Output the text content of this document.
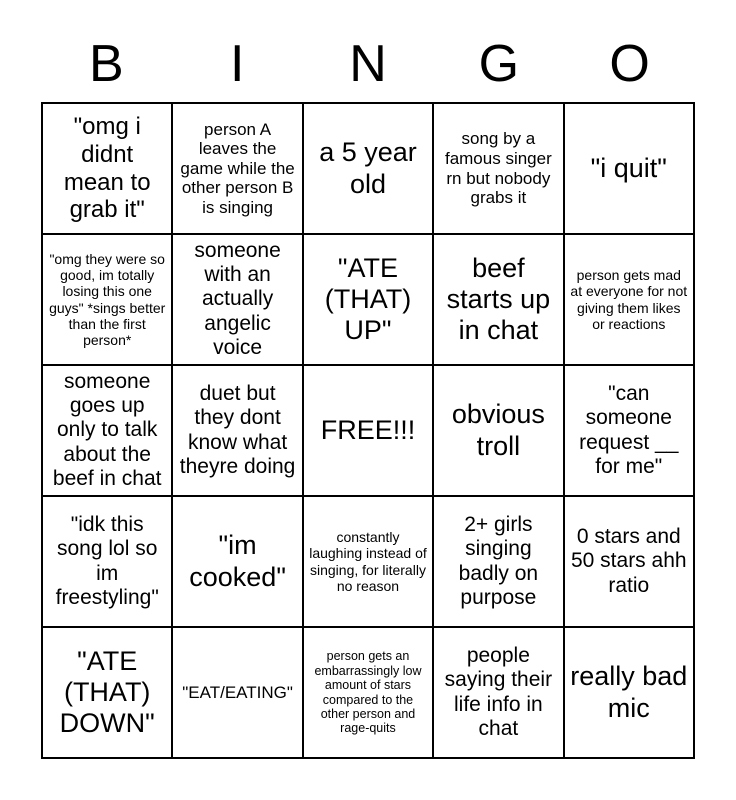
B	I	N	G	O
"omg i didnt mean to grab it"	person A leaves the game while the other person B is singing	a 5 year old	song by a famous singer rn but nobody grabs it	"i quit"
"omg they were so good, im totally losing this one guys" *sings better than the first person*	someone with an actually angelic voice	"ATE (THAT) UP"	beef starts up in chat	person gets mad at everyone for not giving them likes or reactions
someone goes up only to talk about the beef in chat	duet but they dont know what theyre doing	FREE!!!	obvious troll	"can someone request __ for me"
"idk this song lol so im freestyling"	"im cooked"	constantly laughing instead of singing, for literally no reason	2+ girls singing badly on purpose	0 stars and 50 stars ahh ratio
"ATE (THAT) DOWN"	"EAT/EATING"	person gets an embarrassingly low amount of stars compared to the other person and rage-quits	people saying their life info in chat	really bad mic
